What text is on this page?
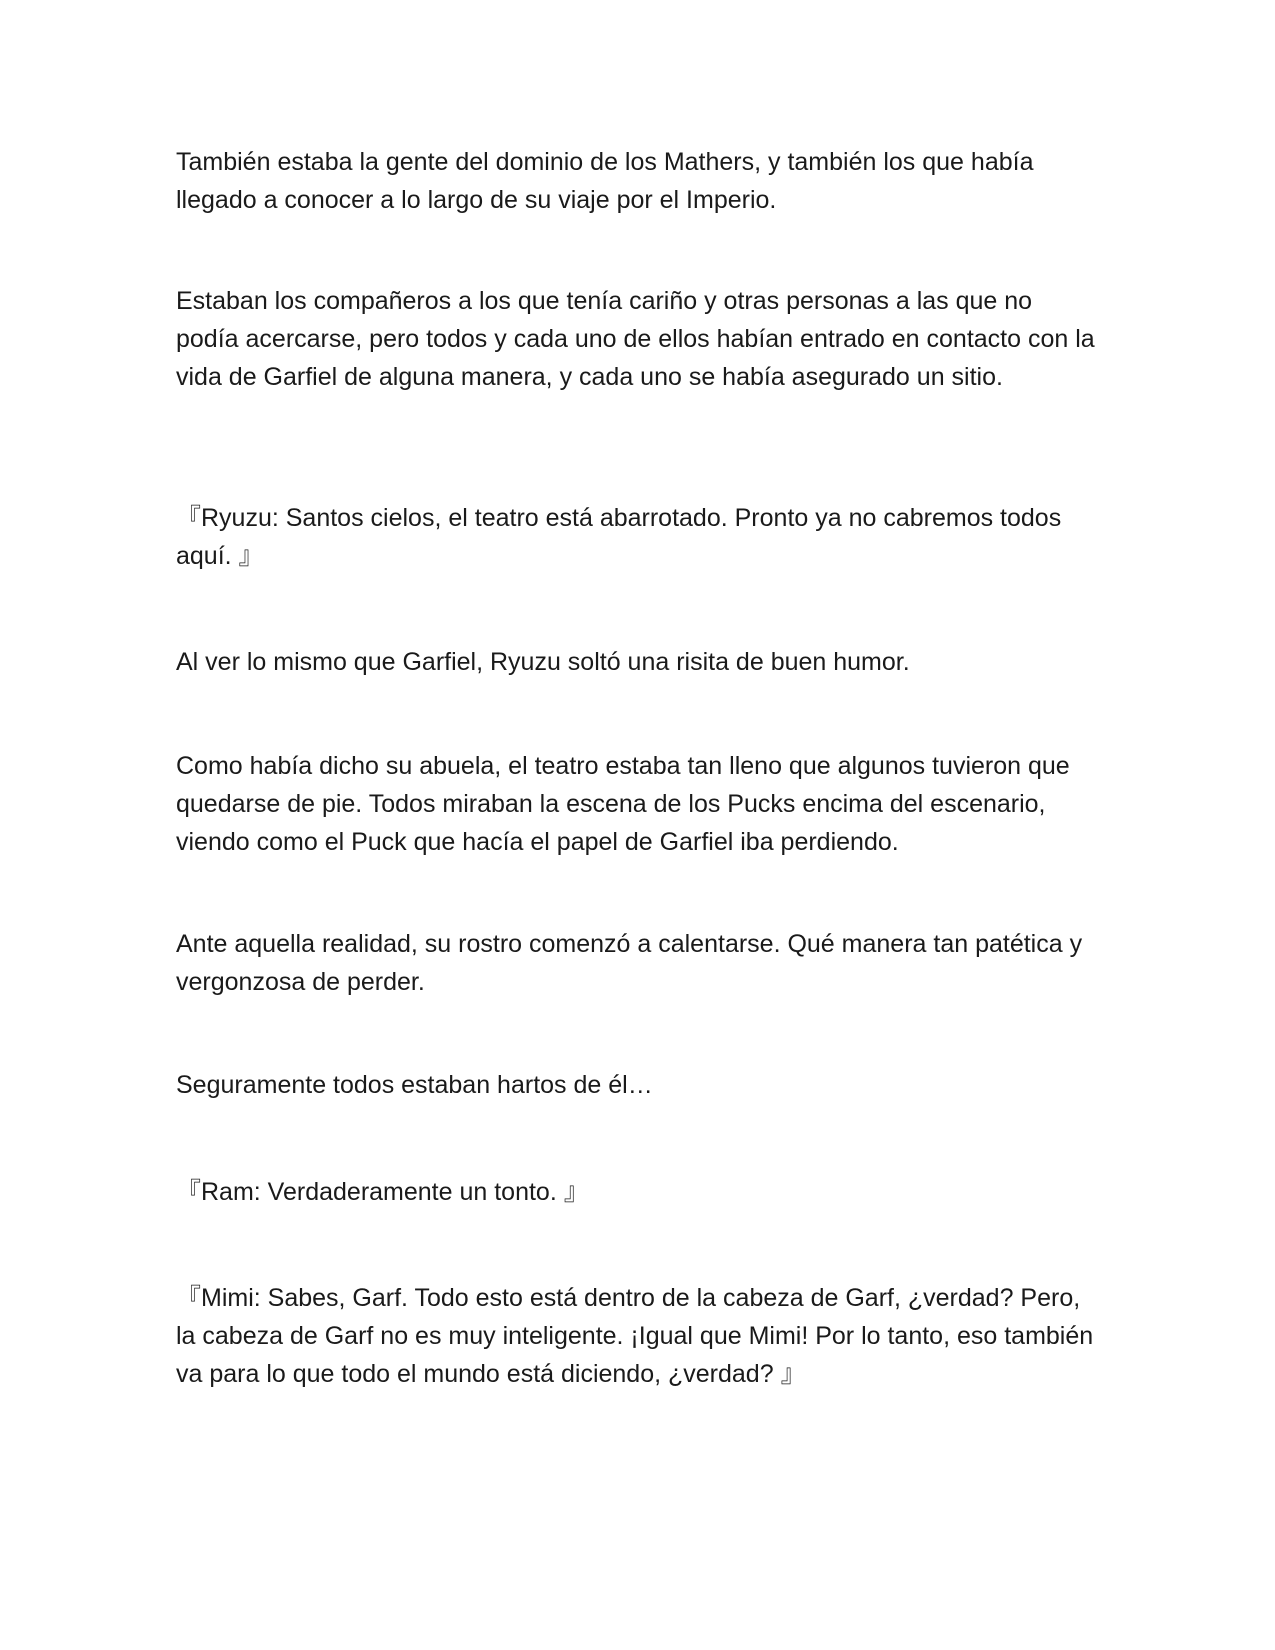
También estaba la gente del dominio de los Mathers, y también los que había llegado a conocer a lo largo de su viaje por el Imperio.

Estaban los compañeros a los que tenía cariño y otras personas a las que no podía acercarse, pero todos y cada uno de ellos habían entrado en contacto con la vida de Garfiel de alguna manera, y cada uno se había asegurado un sitio.

『Ryuzu: Santos cielos, el teatro está abarrotado. Pronto ya no cabremos todos aquí. 』

Al ver lo mismo que Garfiel, Ryuzu soltó una risita de buen humor.

Como había dicho su abuela, el teatro estaba tan lleno que algunos tuvieron que quedarse de pie. Todos miraban la escena de los Pucks encima del escenario, viendo como el Puck que hacía el papel de Garfiel iba perdiendo.

Ante aquella realidad, su rostro comenzó a calentarse. Qué manera tan patética y vergonzosa de perder.

Seguramente todos estaban hartos de él…

『Ram: Verdaderamente un tonto. 』

『Mimi: Sabes, Garf. Todo esto está dentro de la cabeza de Garf, ¿verdad? Pero, la cabeza de Garf no es muy inteligente. ¡Igual que Mimi! Por lo tanto, eso también va para lo que todo el mundo está diciendo, ¿verdad? 』
